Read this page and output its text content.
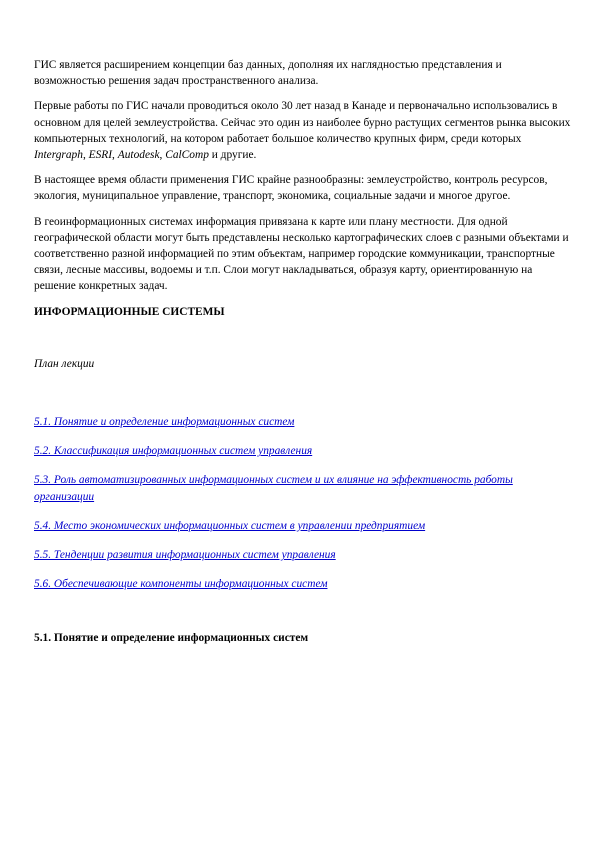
ГИС является расширением концепции баз данных, дополняя их наглядностью представления и возможностью решения задач пространственного анализа.

Первые работы по ГИС начали проводиться около 30 лет назад в Канаде и первоначально использовались в основном для целей землеустройства. Сейчас это один из наиболее бурно растущих сегментов рынка высоких компьютерных технологий, на котором работает большое количество крупных фирм, среди которых Intergraph, ESRI, Autodesk, CalComp и другие.

В настоящее время области применения ГИС крайне разнообразны: землеустройство, контроль ресурсов, экология, муниципальное управление, транспорт, экономика, социальные задачи и многое другое.

В геоинформационных системах информация привязана к карте или плану местности. Для одной географической области могут быть представлены несколько картографических слоев с разными объектами и соответственно разной информацией по этим объектам, например городские коммуникации, транспортные связи, лесные массивы, водоемы и т.п. Слои могут накладываться, образуя карту, ориентированную на решение конкретных задач.

ИНФОРМАЦИОННЫЕ СИСТЕМЫ

План лекции

5.1. Понятие и определение информационных систем

5.2. Классификация информационных систем управления

5.3. Роль автоматизированных информационных систем и их влияние на эффективность работы организации

5.4. Место экономических информационных систем в управлении предприятием

5.5. Тенденции развития информационных систем управления

5.6. Обеспечивающие компоненты информационных систем

5.1. Понятие и определение информационных систем
